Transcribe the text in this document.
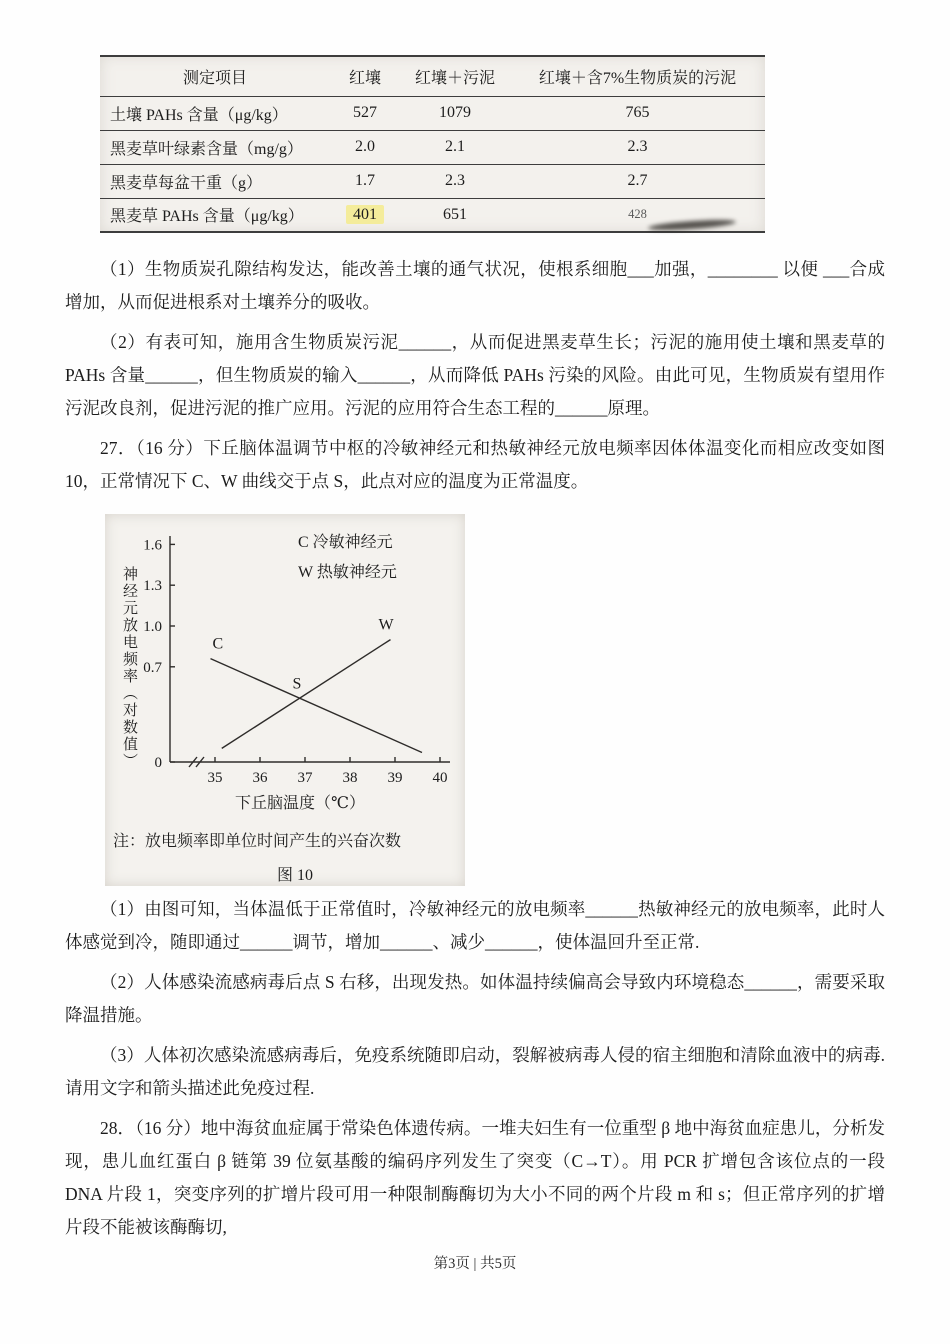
测定项目	红壤	红壤＋污泥	红壤＋含7%生物质炭的污泥
土壤 PAHs 含量（μg/kg）	527	1079	765
黑麦草叶绿素含量（mg/g）	2.0	2.1	2.3
黑麦草每盆干重（g）	1.7	2.3	2.7
黑麦草 PAHs 含量（μg/kg）	401	651	428

（1）生物质炭孔隙结构发达，能改善土壤的通气状况，使根系细胞___加强，________ 以便 ___合成增加，从而促进根系对土壤养分的吸收。

（2）有表可知，施用含生物质炭污泥______，从而促进黑麦草生长；污泥的施用使土壤和黑麦草的 PAHs 含量______，但生物质炭的输入______，从而降低 PAHs 污染的风险。由此可见，生物质炭有望用作污泥改良剂，促进污泥的推广应用。污泥的应用符合生态工程的______原理。

27．（16 分）下丘脑体温调节中枢的冷敏神经元和热敏神经元放电频率因体体温变化而相应改变如图 10，正常情况下 C、W 曲线交于点 S，此点对应的温度为正常温度。

0
0.7
1.0
1.3
1.6
35 36 37 38 39 40
C
W
S
C 冷敏神经元
W 热敏神经元
神经元放电频率（对数值）
下丘脑温度（℃）
注：放电频率即单位时间产生的兴奋次数
图 10

（1）由图可知，当体温低于正常值时，冷敏神经元的放电频率______热敏神经元的放电频率，此时人体感觉到冷，随即通过______调节，增加______、减少______，使体温回升至正常.

（2）人体感染流感病毒后点 S 右移，出现发热。如体温持续偏高会导致内环境稳态______，需要采取降温措施。

（3）人体初次感染流感病毒后，免疫系统随即启动，裂解被病毒人侵的宿主细胞和清除血液中的病毒.请用文字和箭头描述此免疫过程.

28．（16 分）地中海贫血症属于常染色体遗传病。一堆夫妇生有一位重型 β 地中海贫血症患儿，分析发现，患儿血红蛋白 β 链第 39 位氨基酸的编码序列发生了突变（C→T）。用 PCR 扩增包含该位点的一段 DNA 片段 1，突变序列的扩增片段可用一种限制酶酶切为大小不同的两个片段 m 和 s；但正常序列的扩增片段不能被该酶酶切,

第3页 | 共5页
